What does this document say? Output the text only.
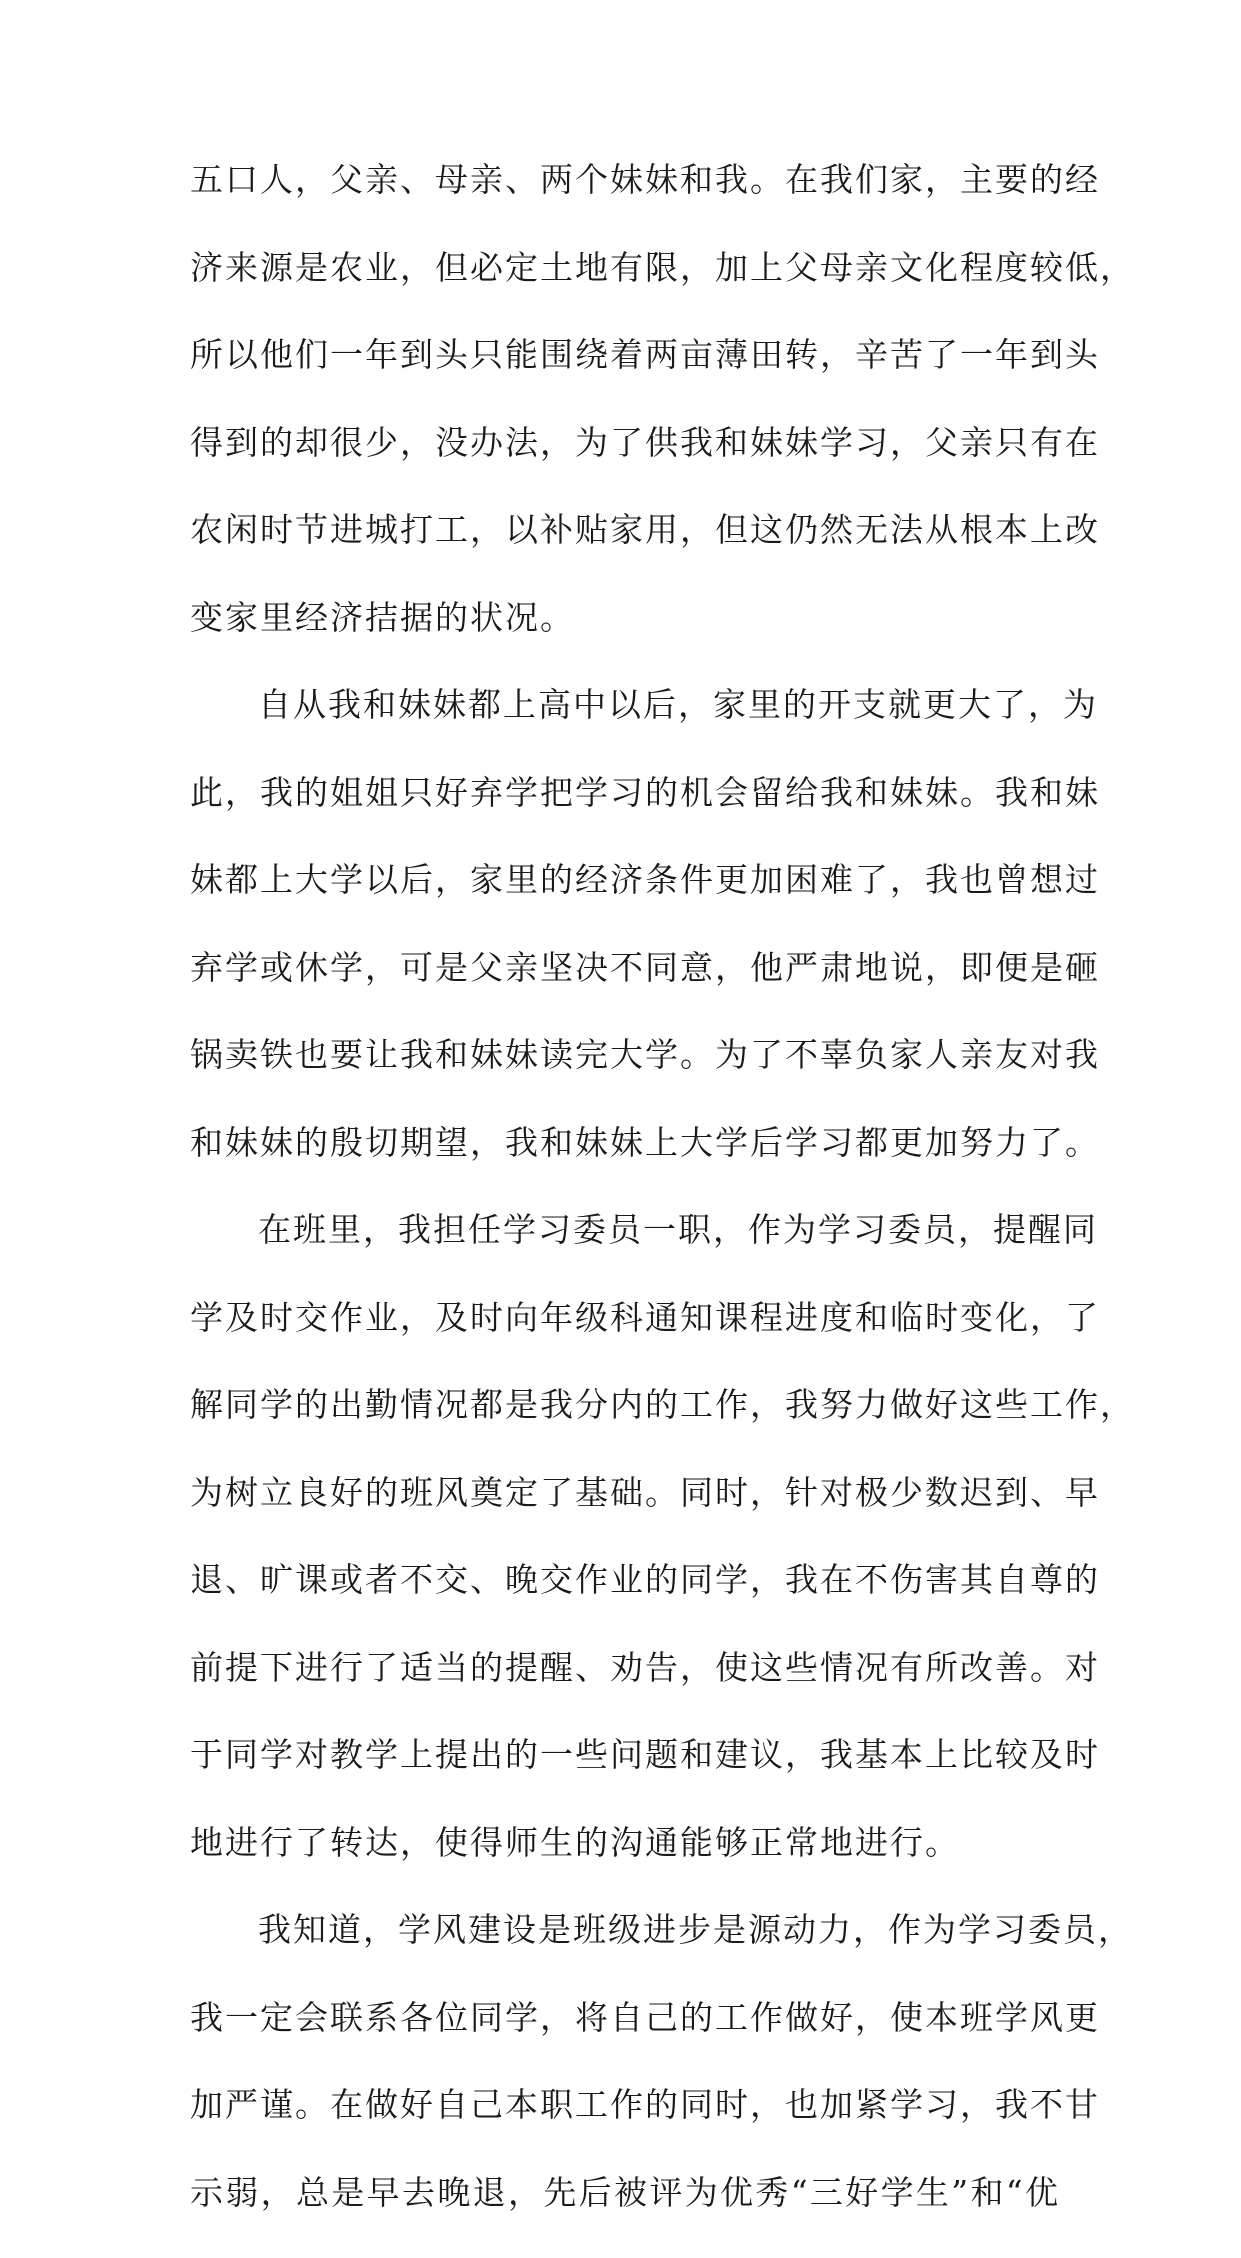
五口人，父亲、母亲、两个妹妹和我。在我们家，主要的经
济来源是农业，但必定土地有限，加上父母亲文化程度较低，
所以他们一年到头只能围绕着两亩薄田转，辛苦了一年到头
得到的却很少，没办法，为了供我和妹妹学习，父亲只有在
农闲时节进城打工，以补贴家用，但这仍然无法从根本上改
变家里经济拮据的状况。
自从我和妹妹都上高中以后，家里的开支就更大了，为
此，我的姐姐只好弃学把学习的机会留给我和妹妹。我和妹
妹都上大学以后，家里的经济条件更加困难了，我也曾想过
弃学或休学，可是父亲坚决不同意，他严肃地说，即便是砸
锅卖铁也要让我和妹妹读完大学。为了不辜负家人亲友对我
和妹妹的殷切期望，我和妹妹上大学后学习都更加努力了。
在班里，我担任学习委员一职，作为学习委员，提醒同
学及时交作业，及时向年级科通知课程进度和临时变化，了
解同学的出勤情况都是我分内的工作，我努力做好这些工作，
为树立良好的班风奠定了基础。同时，针对极少数迟到、早
退、旷课或者不交、晚交作业的同学，我在不伤害其自尊的
前提下进行了适当的提醒、劝告，使这些情况有所改善。对
于同学对教学上提出的一些问题和建议，我基本上比较及时
地进行了转达，使得师生的沟通能够正常地进行。
我知道，学风建设是班级进步是源动力，作为学习委员，
我一定会联系各位同学，将自己的工作做好，使本班学风更
加严谨。在做好自己本职工作的同时，也加紧学习，我不甘
示弱，总是早去晚退，先后被评为优秀“三好学生”和“优
